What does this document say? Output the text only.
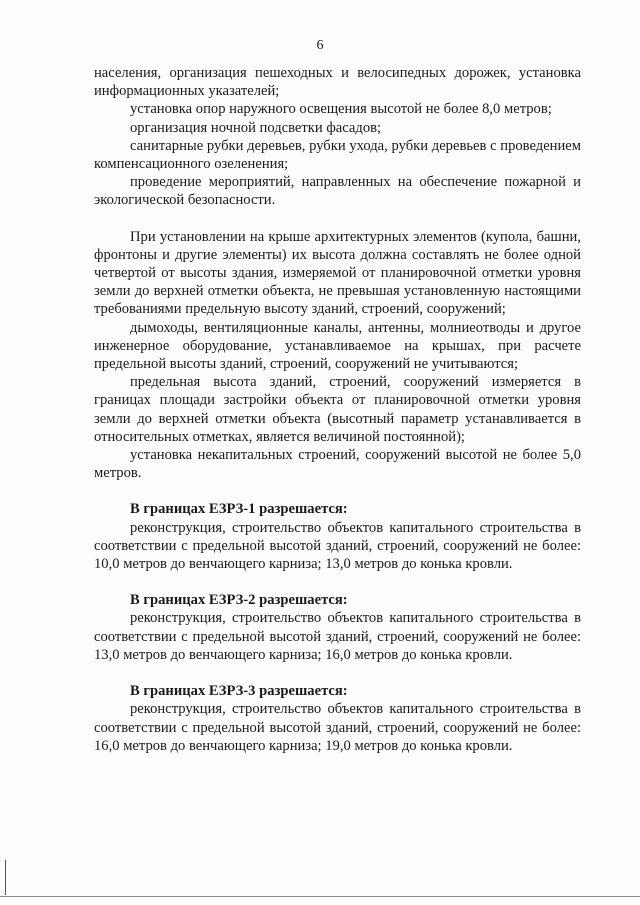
6

населения, организация пешеходных и велосипедных дорожек, установка информационных указателей;

установка опор наружного освещения высотой не более 8,0 метров;

организация ночной подсветки фасадов;

санитарные рубки деревьев, рубки ухода, рубки деревьев с проведением компенсационного озеленения;

проведение мероприятий, направленных на обеспечение пожарной и экологической безопасности.

При установлении на крыше архитектурных элементов (купола, башни, фронтоны и другие элементы) их высота должна составлять не более одной четвертой от высоты здания, измеряемой от планировочной отметки уровня земли до верхней отметки объекта, не превышая установленную настоящими требованиями предельную высоту зданий, строений, сооружений;

дымоходы, вентиляционные каналы, антенны, молниеотводы и другое инженерное оборудование, устанавливаемое на крышах, при расчете предельной высоты зданий, строений, сооружений не учитываются;

предельная высота зданий, строений, сооружений измеряется в границах площади застройки объекта от планировочной отметки уровня земли до верхней отметки объекта (высотный параметр устанавливается в относительных отметках, является величиной постоянной);

установка некапитальных строений, сооружений высотой не более 5,0 метров.

В границах ЕЗРЗ-1 разрешается:

реконструкция, строительство объектов капитального строительства в соответствии с предельной высотой зданий, строений, сооружений не более: 10,0 метров до венчающего карниза; 13,0 метров до конька кровли.

В границах ЕЗРЗ-2 разрешается:

реконструкция, строительство объектов капитального строительства в соответствии с предельной высотой зданий, строений, сооружений не более: 13,0 метров до венчающего карниза; 16,0 метров до конька кровли.

В границах ЕЗРЗ-3 разрешается:

реконструкция, строительство объектов капитального строительства в соответствии с предельной высотой зданий, строений, сооружений не более: 16,0 метров до венчающего карниза; 19,0 метров до конька кровли.
